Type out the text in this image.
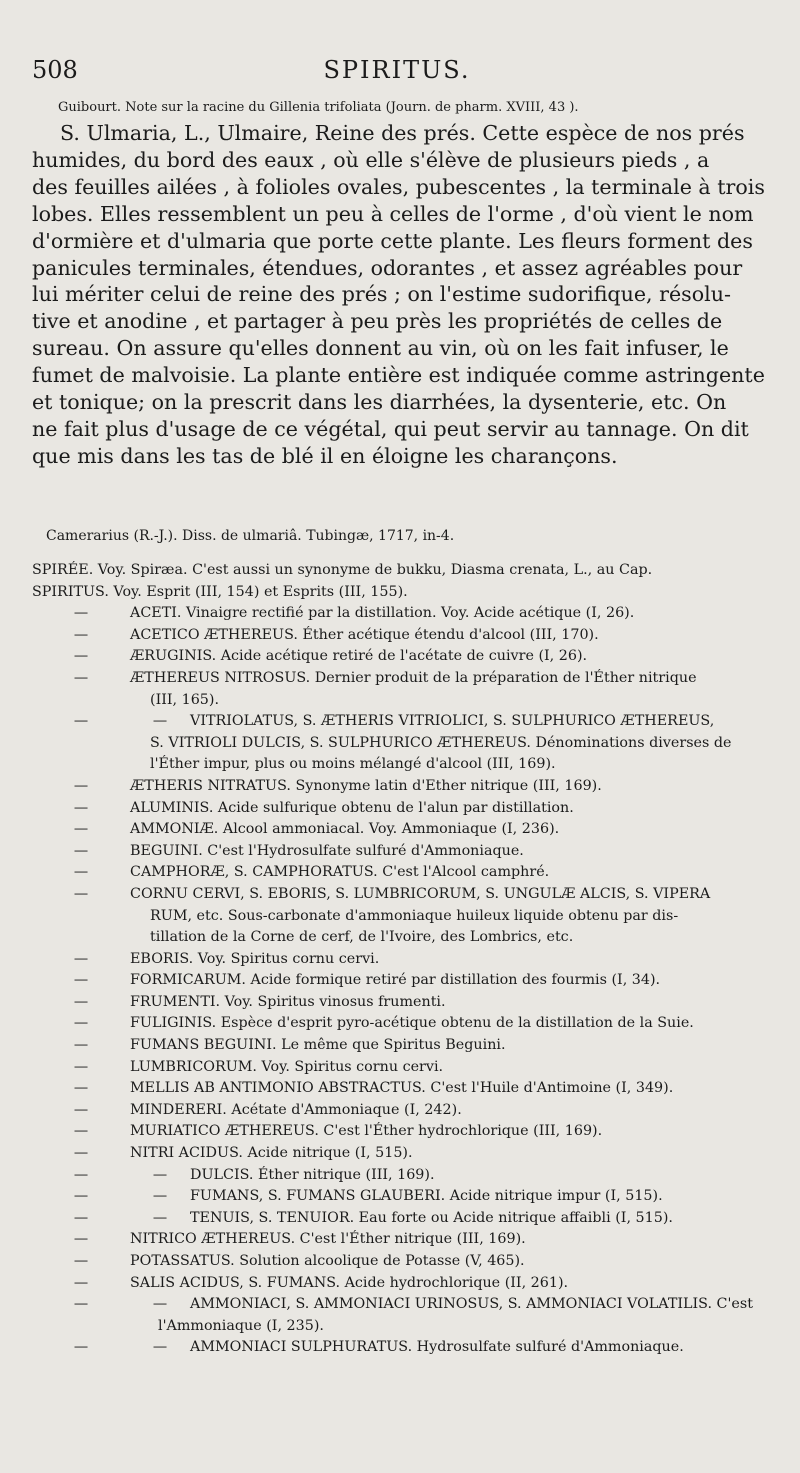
508	SPIRITUS.
Guibourt. Note sur la racine du Gillenia trifoliata (Journ. de pharm. XVIII, 43 ).
S. Ulmaria, L., Ulmaire, Reine des prés. Cette espèce de nos prés
humides, du bord des eaux , où elle s'élève de plusieurs pieds , a
des feuilles ailées , à folioles ovales, pubescentes , la terminale à trois
lobes. Elles ressemblent un peu à celles de l'orme , d'où vient le nom
d'ormière et d'ulmaria que porte cette plante. Les fleurs forment des
panicules terminales, étendues, odorantes , et assez agréables pour
lui mériter celui de reine des prés ; on l'estime sudorifique, résolu-
tive et anodine , et partager à peu près les propriétés de celles de
sureau. On assure qu'elles donnent au vin, où on les fait infuser, le
fumet de malvoisie. La plante entière est indiquée comme astringente
et tonique; on la prescrit dans les diarrhées, la dysenterie, etc. On
ne fait plus d'usage de ce végétal, qui peut servir au tannage. On dit
que mis dans les tas de blé il en éloigne les charançons.
Camerarius (R.-J.). Diss. de ulmariâ. Tubingæ, 1717, in-4.
SPIRÉE. Voy. Spiræa. C'est aussi un synonyme de bukku, Diasma crenata, L., au Cap.
SPIRITUS. Voy. Esprit (III, 154) et Esprits (III, 155).
—	ACETI. Vinaigre rectifié par la distillation. Voy. Acide acétique (I, 26).
—	ACETICO ÆTHEREUS. Éther acétique étendu d'alcool (III, 170).
—	ÆRUGINIS. Acide acétique retiré de l'acétate de cuivre (I, 26).
—	ÆTHEREUS NITROSUS. Dernier produit de la préparation de l'Éther nitrique
(III, 165).
—	— VITRIOLATUS, S. ÆTHERIS VITRIOLICI, S. SULPHURICO ÆTHEREUS,
S. VITRIOLI DULCIS, S. SULPHURICO ÆTHEREUS. Dénominations diverses de
l'Éther impur, plus ou moins mélangé d'alcool (III, 169).
—	ÆTHERIS NITRATUS. Synonyme latin d'Ether nitrique (III, 169).
—	ALUMINIS. Acide sulfurique obtenu de l'alun par distillation.
—	AMMONIÆ. Alcool ammoniacal. Voy. Ammoniaque (I, 236).
—	BEGUINI. C'est l'Hydrosulfate sulfuré d'Ammoniaque.
—	CAMPHORÆ, S. CAMPHORATUS. C'est l'Alcool camphré.
—	CORNU CERVI, S. EBORIS, S. LUMBRICORUM, S. UNGULÆ ALCIS, S. VIPERA
RUM, etc. Sous-carbonate d'ammoniaque huileux liquide obtenu par dis-
tillation de la Corne de cerf, de l'Ivoire, des Lombrics, etc.
—	EBORIS. Voy. Spiritus cornu cervi.
—	FORMICARUM. Acide formique retiré par distillation des fourmis (I, 34).
—	FRUMENTI. Voy. Spiritus vinosus frumenti.
—	FULIGINIS. Espèce d'esprit pyro-acétique obtenu de la distillation de la Suie.
—	FUMANS BEGUINI. Le même que Spiritus Beguini.
—	LUMBRICORUM. Voy. Spiritus cornu cervi.
—	MELLIS AB ANTIMONIO ABSTRACTUS. C'est l'Huile d'Antimoine (I, 349).
—	MINDERERI. Acétate d'Ammoniaque (I, 242).
—	MURIATICO ÆTHEREUS. C'est l'Éther hydrochlorique (III, 169).
—	NITRI ACIDUS. Acide nitrique (I, 515).
—	— DULCIS. Éther nitrique (III, 169).
—	— FUMANS, S. FUMANS GLAUBERI. Acide nitrique impur (I, 515).
—	— TENUIS, S. TENUIOR. Eau forte ou Acide nitrique affaibli (I, 515).
—	NITRICO ÆTHEREUS. C'est l'Éther nitrique (III, 169).
—	POTASSATUS. Solution alcoolique de Potasse (V, 465).
—	SALIS ACIDUS, S. FUMANS. Acide hydrochlorique (II, 261).
—	— AMMONIACI, S. AMMONIACI URINOSUS, S. AMMONIACI VOLATILIS. C'est
l'Ammoniaque (I, 235).
—	— AMMONIACI SULPHURATUS. Hydrosulfate sulfuré d'Ammoniaque.
